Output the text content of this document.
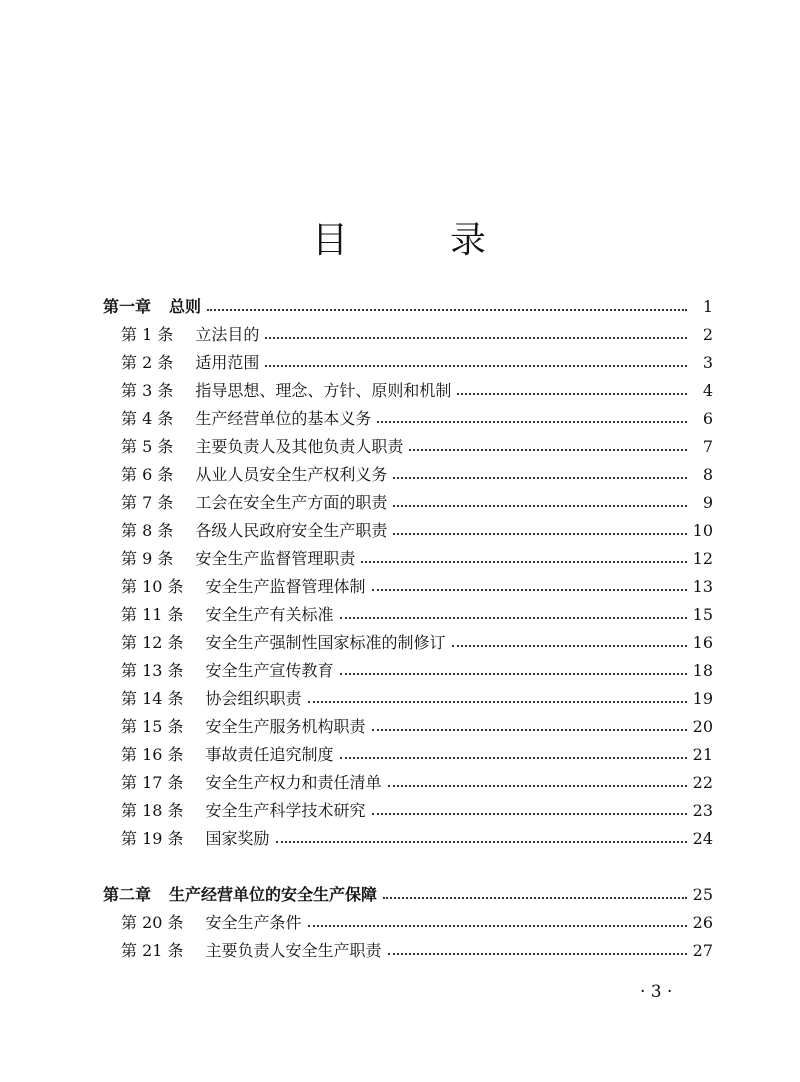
目	录
第一章 总则	1
第 1 条 立法目的	2
第 2 条 适用范围	3
第 3 条 指导思想、理念、方针、原则和机制	4
第 4 条 生产经营单位的基本义务	6
第 5 条 主要负责人及其他负责人职责	7
第 6 条 从业人员安全生产权利义务	8
第 7 条 工会在安全生产方面的职责	9
第 8 条 各级人民政府安全生产职责	10
第 9 条 安全生产监督管理职责	12
第 10 条 安全生产监督管理体制	13
第 11 条 安全生产有关标准	15
第 12 条 安全生产强制性国家标准的制修订	16
第 13 条 安全生产宣传教育	18
第 14 条 协会组织职责	19
第 15 条 安全生产服务机构职责	20
第 16 条 事故责任追究制度	21
第 17 条 安全生产权力和责任清单	22
第 18 条 安全生产科学技术研究	23
第 19 条 国家奖励	24
第二章 生产经营单位的安全生产保障	25
第 20 条 安全生产条件	26
第 21 条 主要负责人安全生产职责	27
· 3 ·
